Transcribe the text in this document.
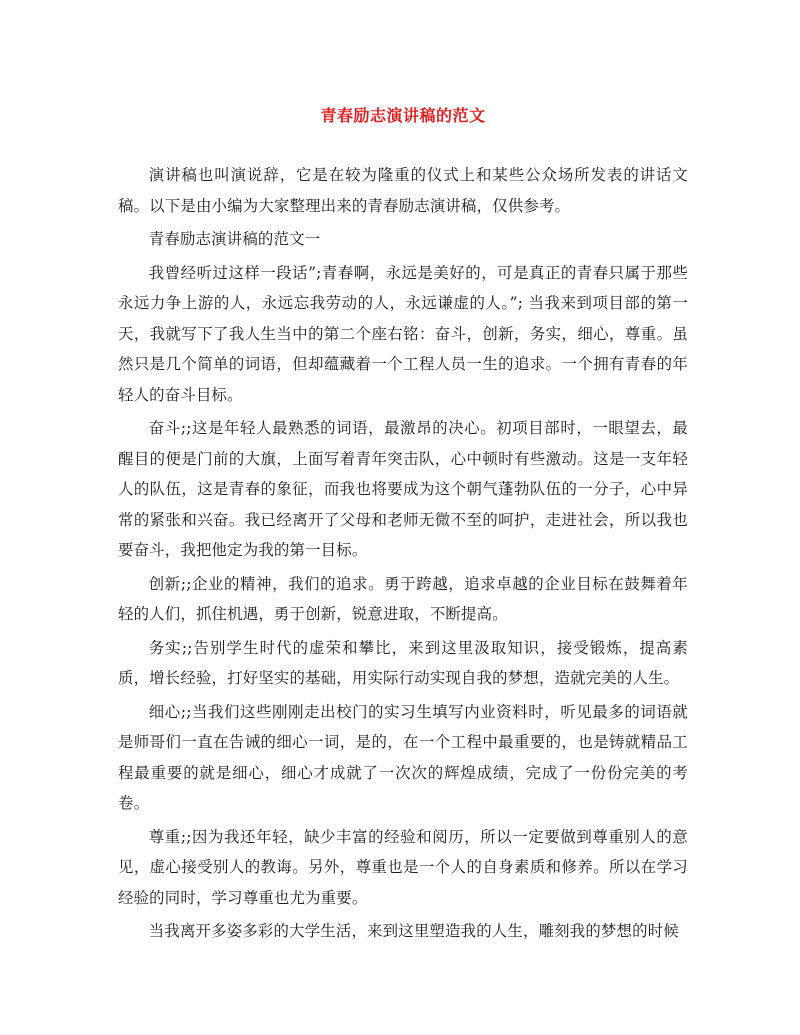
青春励志演讲稿的范文

演讲稿也叫演说辞，它是在较为隆重的仪式上和某些公众场所发表的讲话文稿。以下是由小编为大家整理出来的青春励志演讲稿，仅供参考。

青春励志演讲稿的范文一

我曾经听过这样一段话”;青春啊，永远是美好的，可是真正的青春只属于那些永远力争上游的人，永远忘我劳动的人，永远谦虚的人。”; 当我来到项目部的第一天，我就写下了我人生当中的第二个座右铭：奋斗，创新，务实，细心，尊重。虽然只是几个简单的词语，但却蕴藏着一个工程人员一生的追求。一个拥有青春的年轻人的奋斗目标。

奋斗;;这是年轻人最熟悉的词语，最激昂的决心。初项目部时，一眼望去，最醒目的便是门前的大旗，上面写着青年突击队，心中顿时有些激动。这是一支年轻人的队伍，这是青春的象征，而我也将要成为这个朝气蓬勃队伍的一分子，心中异常的紧张和兴奋。我已经离开了父母和老师无微不至的呵护，走进社会，所以我也要奋斗，我把他定为我的第一目标。

创新;;企业的精神，我们的追求。勇于跨越，追求卓越的企业目标在鼓舞着年轻的人们，抓住机遇，勇于创新，锐意进取，不断提高。

务实;;告别学生时代的虚荣和攀比，来到这里汲取知识，接受锻炼，提高素质，增长经验，打好坚实的基础，用实际行动实现自我的梦想，造就完美的人生。

细心;;当我们这些刚刚走出校门的实习生填写内业资料时，听见最多的词语就是师哥们一直在告诫的细心一词，是的，在一个工程中最重要的，也是铸就精品工程最重要的就是细心，细心才成就了一次次的辉煌成绩，完成了一份份完美的考卷。

尊重;;因为我还年轻，缺少丰富的经验和阅历，所以一定要做到尊重别人的意见，虚心接受别人的教诲。另外，尊重也是一个人的自身素质和修养。所以在学习经验的同时，学习尊重也尤为重要。

当我离开多姿多彩的大学生活，来到这里塑造我的人生，雕刻我的梦想的时候
